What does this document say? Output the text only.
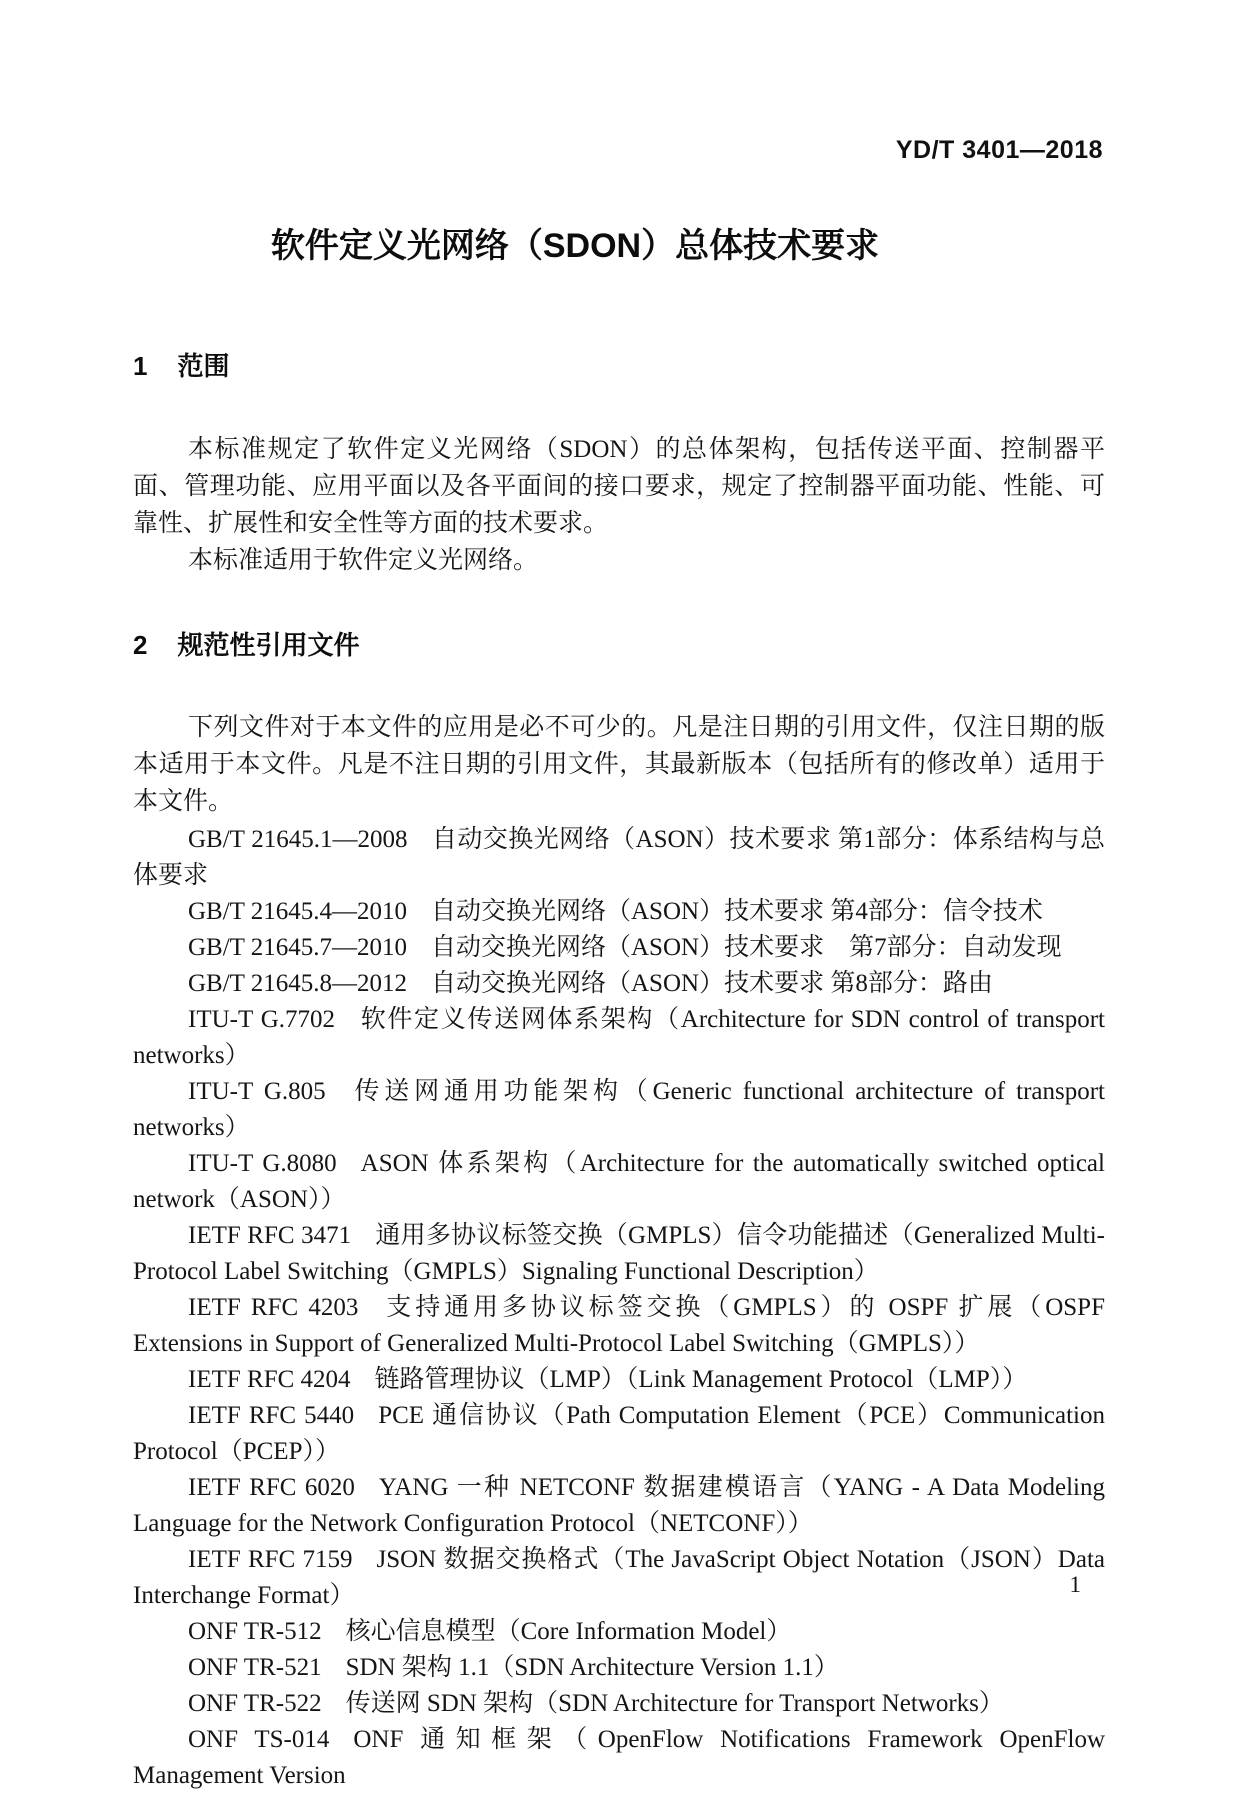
YD/T 3401—2018
软件定义光网络（SDON）总体技术要求
1 范围

本标准规定了软件定义光网络（SDON）的总体架构，包括传送平面、控制器平面、管理功能、应用平面以及各平面间的接口要求，规定了控制器平面功能、性能、可靠性、扩展性和安全性等方面的技术要求。

本标准适用于软件定义光网络。

2 规范性引用文件

下列文件对于本文件的应用是必不可少的。凡是注日期的引用文件，仅注日期的版本适用于本文件。凡是不注日期的引用文件，其最新版本（包括所有的修改单）适用于本文件。

GB/T 21645.1—2008 自动交换光网络（ASON）技术要求 第1部分：体系结构与总体要求

GB/T 21645.4—2010 自动交换光网络（ASON）技术要求 第4部分：信令技术

GB/T 21645.7—2010 自动交换光网络（ASON）技术要求　第7部分：自动发现

GB/T 21645.8—2012 自动交换光网络（ASON）技术要求 第8部分：路由

ITU-T G.7702 软件定义传送网体系架构（Architecture for SDN control of transport networks）

ITU-T G.805 传送网通用功能架构（Generic functional architecture of transport networks）

ITU-T G.8080 ASON 体系架构（Architecture for the automatically switched optical network（ASON））

IETF RFC 3471 通用多协议标签交换（GMPLS）信令功能描述（Generalized Multi-Protocol Label Switching（GMPLS）Signaling Functional Description）

IETF RFC 4203 支持通用多协议标签交换（GMPLS）的 OSPF 扩展（OSPF Extensions in Support of Generalized Multi-Protocol Label Switching（GMPLS））

IETF RFC 4204 链路管理协议（LMP）（Link Management Protocol（LMP））

IETF RFC 5440 PCE 通信协议（Path Computation Element（PCE）Communication Protocol（PCEP））

IETF RFC 6020 YANG 一种 NETCONF 数据建模语言（YANG - A Data Modeling Language for the Network Configuration Protocol（NETCONF））

IETF RFC 7159 JSON 数据交换格式（The JavaScript Object Notation（JSON）Data Interchange Format）

ONF TR-512 核心信息模型（Core Information Model）

ONF TR-521 SDN 架构 1.1（SDN Architecture Version 1.1）

ONF TR-522 传送网 SDN 架构（SDN Architecture for Transport Networks）

ONF TS-014 ONF 通知框架（OpenFlow Notifications Framework OpenFlow Management Version

1
